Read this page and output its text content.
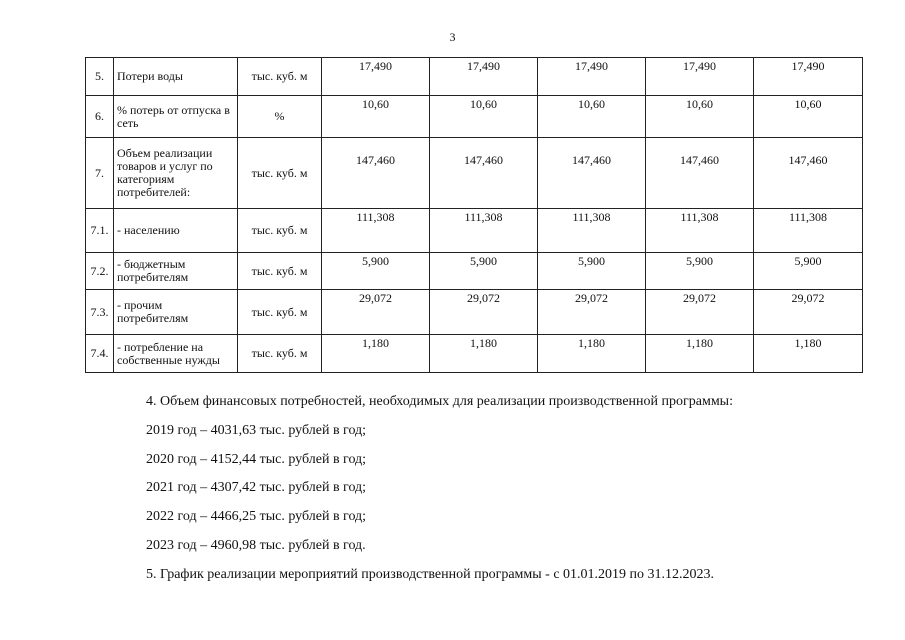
3
5.	Потери воды	тыс. куб. м	17,490	17,490	17,490	17,490	17,490
6.	% потерь от отпуска в сеть	%	10,60	10,60	10,60	10,60	10,60
7.	Объем реализации товаров и услуг по категориям потребителей:	тыс. куб. м	147,460	147,460	147,460	147,460	147,460
7.1.	- населению	тыс. куб. м	111,308	111,308	111,308	111,308	111,308
7.2.	- бюджетным потребителям	тыс. куб. м	5,900	5,900	5,900	5,900	5,900
7.3.	- прочим потребителям	тыс. куб. м	29,072	29,072	29,072	29,072	29,072
7.4.	- потребление на собственные нужды	тыс. куб. м	1,180	1,180	1,180	1,180	1,180

4. Объем финансовых потребностей, необходимых для реализации производственной программы:

2019 год – 4031,63 тыс. рублей в год;

2020 год – 4152,44 тыс. рублей в год;

2021 год – 4307,42 тыс. рублей в год;

2022 год – 4466,25 тыс. рублей в год;

2023 год – 4960,98 тыс. рублей в год.

5. График реализации мероприятий производственной программы - с 01.01.2019 по 31.12.2023.
